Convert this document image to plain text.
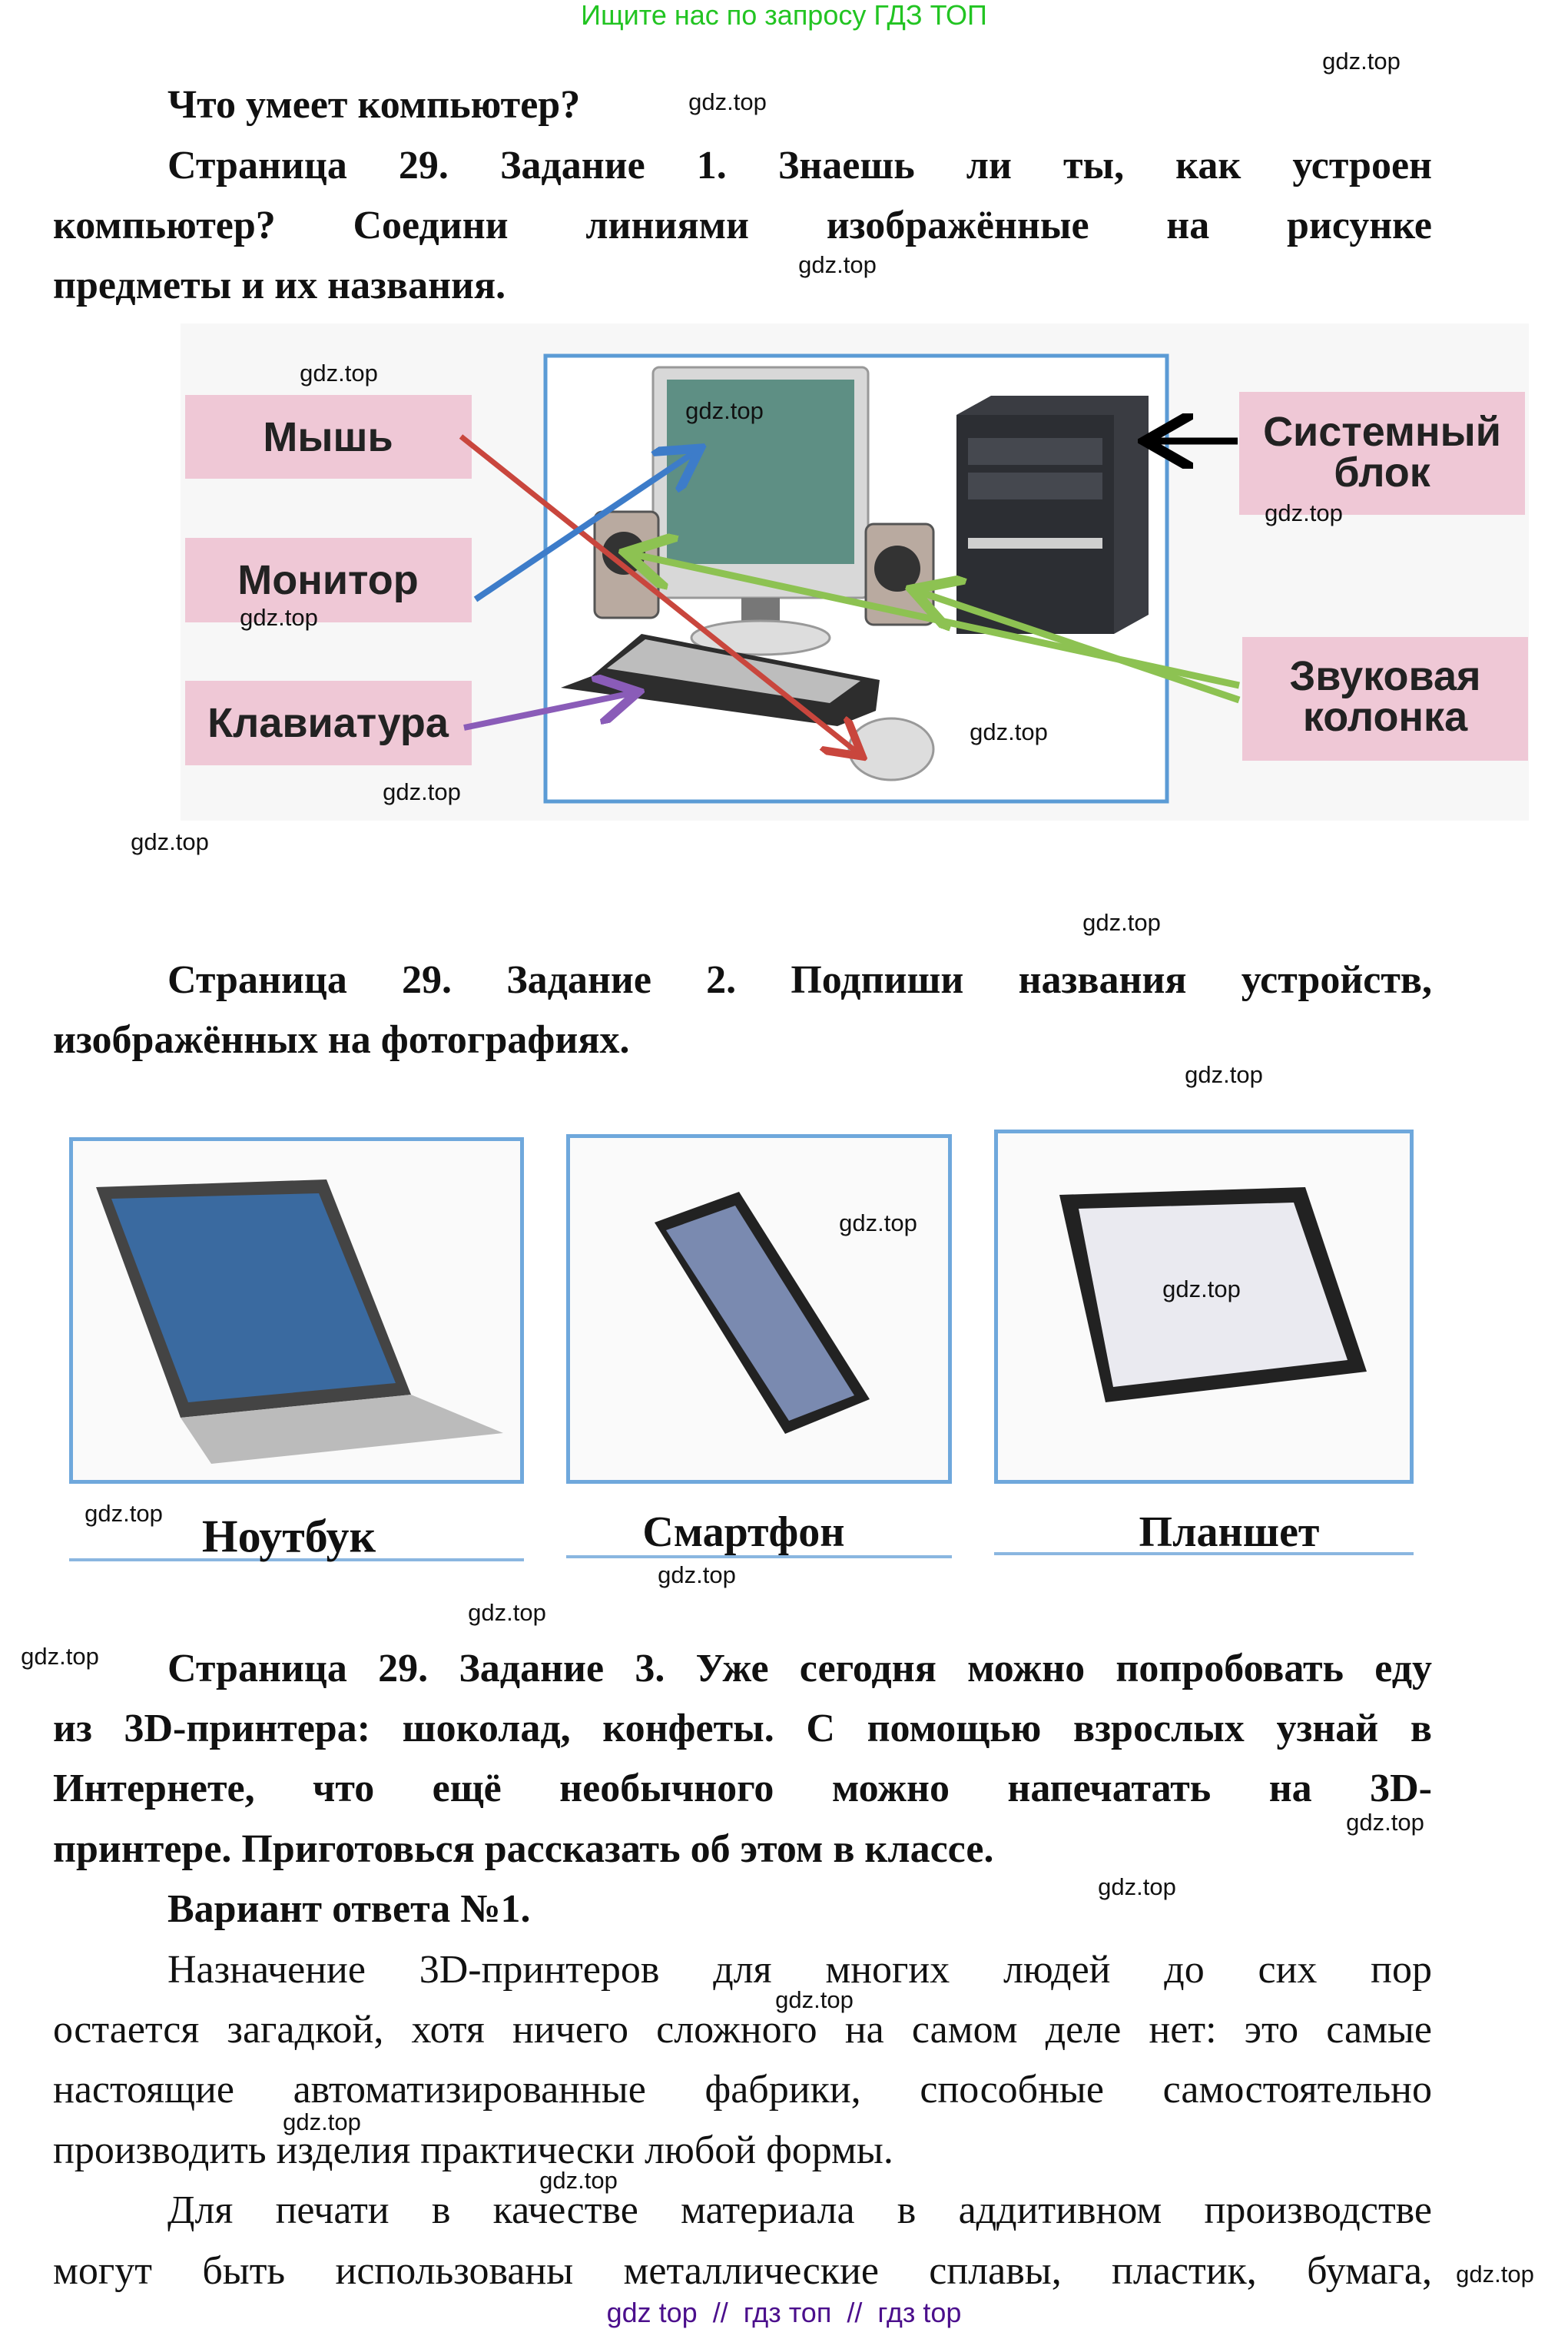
Ищите нас по запросу ГДЗ ТОП
Что умеет компьютер?
Страница 29. Задание 1. Знаешь ли ты, как устроен
компьютер? Соедини линиями изображённые на рисунке
предметы и их названия.
Мышь
Монитор
Клавиатура
Системный
блок
Звуковая
колонка
Страница 29. Задание 2. Подпиши названия устройств,
изображённых на фотографиях.
Ноутбук	Смартфон	Планшет
Страница 29. Задание 3. Уже сегодня можно попробовать еду
из 3D-принтера: шоколад, конфеты. С помощью взрослых узнай в
Интернете, что ещё необычного можно напечатать на 3D-
принтере. Приготовься рассказать об этом в классе.
Вариант ответа №1.
Назначение 3D-принтеров для многих людей до сих пор
остается загадкой, хотя ничего сложного на самом деле нет: это самые
настоящие автоматизированные фабрики, способные самостоятельно
производить изделия практически любой формы.
Для печати в качестве материала в аддитивном производстве
могут быть использованы металлические сплавы, пластик, бумага,
gdz.top
gdz.top
gdz.top
gdz.top
gdz.top
gdz.top
gdz.top
gdz.top
gdz.top
gdz.top
gdz.top
gdz.top
gdz.top
gdz.top
gdz.top
gdz.top
gdz.top
gdz.top
gdz.top
gdz.top
gdz.top
gdz.top
gdz.top
gdz.top
gdz top  //  гдз топ  //  гдз top
